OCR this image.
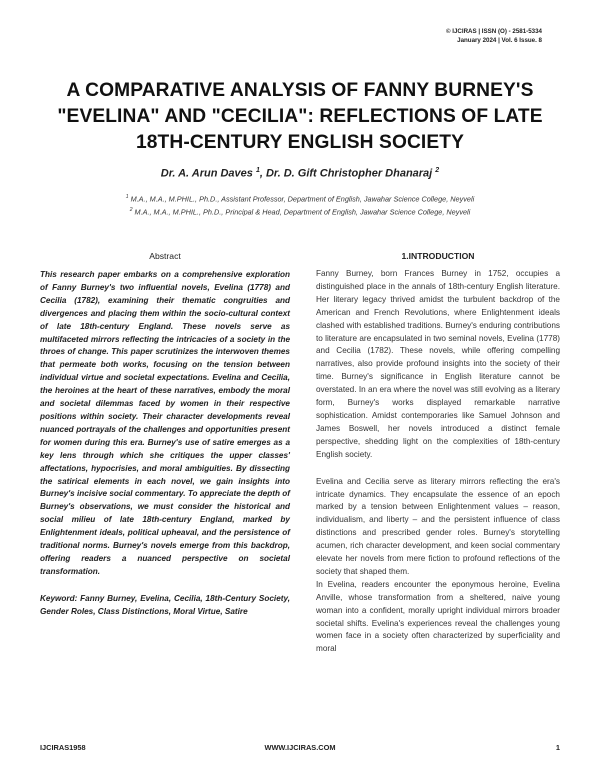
© IJCIRAS | ISSN (O) - 2581-5334
January 2024 | Vol. 6 Issue. 8
A COMPARATIVE ANALYSIS OF FANNY BURNEY'S "EVELINA" AND "CECILIA": REFLECTIONS OF LATE 18TH-CENTURY ENGLISH SOCIETY
Dr. A. Arun Daves $^1$, Dr. D. Gift Christopher Dhanaraj $^2$
$^1$ M.A., M.A., M.PHIL., Ph.D., Assistant Professor, Department of English, Jawahar Science College, Neyveli
$^2$ M.A., M.A., M.PHIL., Ph.D., Principal & Head, Department of English, Jawahar Science College, Neyveli
Abstract

This research paper embarks on a comprehensive exploration of Fanny Burney's two influential novels, Evelina (1778) and Cecilia (1782), examining their thematic congruities and divergences and placing them within the socio-cultural context of late 18th-century England. These novels serve as multifaceted mirrors reflecting the intricacies of a society in the throes of change. This paper scrutinizes the interwoven themes that permeate both works, focusing on the tension between individual virtue and societal expectations. Evelina and Cecilia, the heroines at the heart of these narratives, embody the moral and societal dilemmas faced by women in their respective positions within society. Their character developments reveal nuanced portrayals of the challenges and opportunities present for women during this era. Burney's use of satire emerges as a key lens through which she critiques the upper classes' affectations, hypocrisies, and moral ambiguities. By dissecting the satirical elements in each novel, we gain insights into Burney's incisive social commentary. To appreciate the depth of Burney's observations, we must consider the historical and social milieu of late 18th-century England, marked by Enlightenment ideals, political upheaval, and the persistence of traditional norms. Burney's novels emerge from this backdrop, offering readers a nuanced perspective on societal transformation.

Keyword: Fanny Burney, Evelina, Cecilia, 18th-Century Society, Gender Roles, Class Distinctions, Moral Virtue, Satire

1.INTRODUCTION

Fanny Burney, born Frances Burney in 1752, occupies a distinguished place in the annals of 18th-century English literature. Her literary legacy thrived amidst the turbulent backdrop of the American and French Revolutions, where Enlightenment ideals clashed with established traditions. Burney's enduring contributions to literature are encapsulated in two seminal novels, Evelina (1778) and Cecilia (1782). These novels, while offering compelling narratives, also provide profound insights into the society of their time. Burney's significance in English literature cannot be overstated. In an era where the novel was still evolving as a literary form, Burney's works displayed remarkable narrative sophistication. Amidst contemporaries like Samuel Johnson and James Boswell, her novels introduced a distinct female perspective, shedding light on the complexities of 18th-century English society.

Evelina and Cecilia serve as literary mirrors reflecting the era's intricate dynamics. They encapsulate the essence of an epoch marked by a tension between Enlightenment values – reason, individualism, and liberty – and the persistent influence of class distinctions and prescribed gender roles. Burney's storytelling acumen, rich character development, and keen social commentary elevate her novels from mere fiction to profound reflections of the society that shaped them.

In Evelina, readers encounter the eponymous heroine, Evelina Anville, whose transformation from a sheltered, naive young woman into a confident, morally upright individual mirrors broader societal shifts. Evelina's experiences reveal the challenges young women face in a society often characterized by superficiality and moral

IJCIRAS1958	WWW.IJCIRAS.COM	1
